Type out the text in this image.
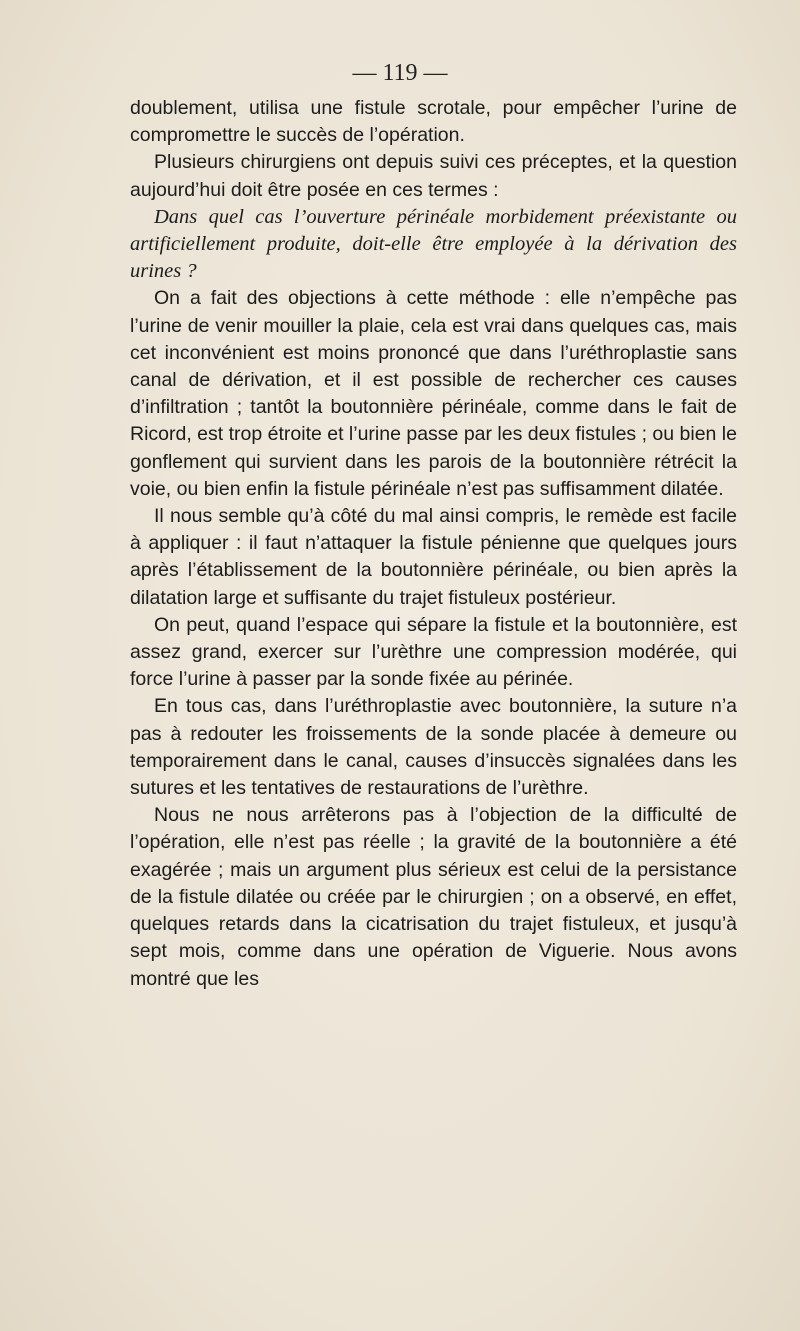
— 119 —

doublement, utilisa une fistule scrotale, pour empêcher l’urine de compromettre le succès de l’opération.

Plusieurs chirurgiens ont depuis suivi ces préceptes, et la question aujourd’hui doit être posée en ces termes :

Dans quel cas l’ouverture périnéale morbidement préexistante ou artificiellement produite, doit-elle être employée à la dérivation des urines ?

On a fait des objections à cette méthode : elle n’empêche pas l’urine de venir mouiller la plaie, cela est vrai dans quelques cas, mais cet inconvénient est moins prononcé que dans l’uréthroplastie sans canal de dérivation, et il est possible de rechercher ces causes d’infiltration ; tantôt la boutonnière périnéale, comme dans le fait de Ricord, est trop étroite et l’urine passe par les deux fistules ; ou bien le gonflement qui survient dans les parois de la boutonnière rétrécit la voie, ou bien enfin la fistule périnéale n’est pas suffisamment dilatée.

Il nous semble qu’à côté du mal ainsi compris, le remède est facile à appliquer : il faut n’attaquer la fistule pénienne que quelques jours après l’établissement de la boutonnière périnéale, ou bien après la dilatation large et suffisante du trajet fistuleux postérieur.

On peut, quand l’espace qui sépare la fistule et la boutonnière, est assez grand, exercer sur l’urèthre une compression modérée, qui force l’urine à passer par la sonde fixée au périnée.

En tous cas, dans l’uréthroplastie avec boutonnière, la suture n’a pas à redouter les froissements de la sonde placée à demeure ou temporairement dans le canal, causes d’insuccès signalées dans les sutures et les tentatives de restaurations de l’urèthre.

Nous ne nous arrêterons pas à l’objection de la difficulté de l’opération, elle n’est pas réelle ; la gravité de la boutonnière a été exagérée ; mais un argument plus sérieux est celui de la persistance de la fistule dilatée ou créée par le chirurgien ; on a observé, en effet, quelques retards dans la cicatrisation du trajet fistuleux, et jusqu’à sept mois, comme dans une opération de Viguerie. Nous avons montré que les
